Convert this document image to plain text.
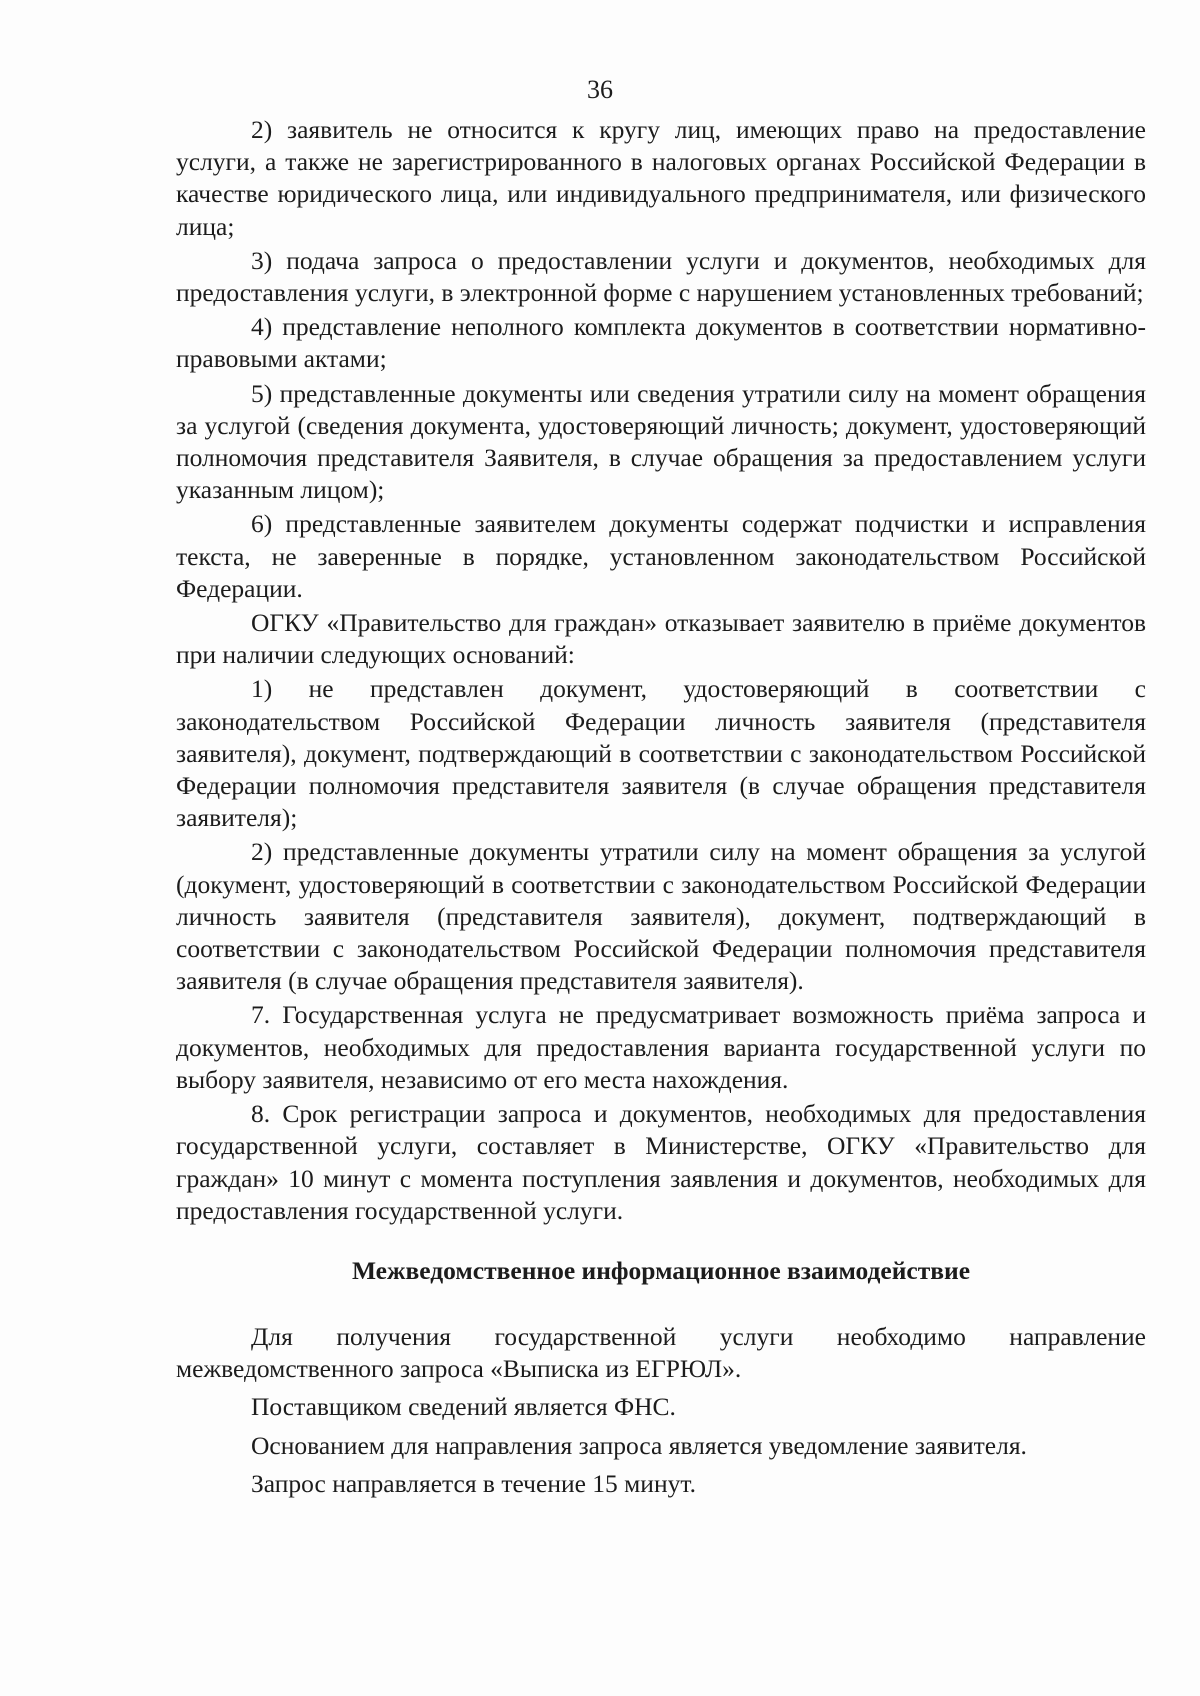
36

2) заявитель не относится к кругу лиц, имеющих право на предоставление услуги, а также не зарегистрированного в налоговых органах Российской Федерации в качестве юридического лица, или индивидуального предпринимателя, или физического лица;

3) подача запроса о предоставлении услуги и документов, необходимых для предоставления услуги, в электронной форме с нарушением установленных требований;

4) представление неполного комплекта документов в соответствии нормативно-правовыми актами;

5) представленные документы или сведения утратили силу на момент обращения за услугой (сведения документа, удостоверяющий личность; документ, удостоверяющий полномочия представителя Заявителя, в случае обращения за предоставлением услуги указанным лицом);

6) представленные заявителем документы содержат подчистки и исправления текста, не заверенные в порядке, установленном законодательством Российской Федерации.

ОГКУ «Правительство для граждан» отказывает заявителю в приёме документов при наличии следующих оснований:

1) не представлен документ, удостоверяющий в соответствии с законодательством Российской Федерации личность заявителя (представителя заявителя), документ, подтверждающий в соответствии с законодательством Российской Федерации полномочия представителя заявителя (в случае обращения представителя заявителя);

2) представленные документы утратили силу на момент обращения за услугой (документ, удостоверяющий в соответствии с законодательством Российской Федерации личность заявителя (представителя заявителя), документ, подтверждающий в соответствии с законодательством Российской Федерации полномочия представителя заявителя (в случае обращения представителя заявителя).

7. Государственная услуга не предусматривает возможность приёма запроса и документов, необходимых для предоставления варианта государственной услуги по выбору заявителя, независимо от его места нахождения.

8. Срок регистрации запроса и документов, необходимых для предоставления государственной услуги, составляет в Министерстве, ОГКУ «Правительство для граждан» 10 минут с момента поступления заявления и документов, необходимых для предоставления государственной услуги.

Межведомственное информационное взаимодействие

Для получения государственной услуги необходимо направление межведомственного запроса «Выписка из ЕГРЮЛ».

Поставщиком сведений является ФНС.

Основанием для направления запроса является уведомление заявителя.

Запрос направляется в течение 15 минут.
